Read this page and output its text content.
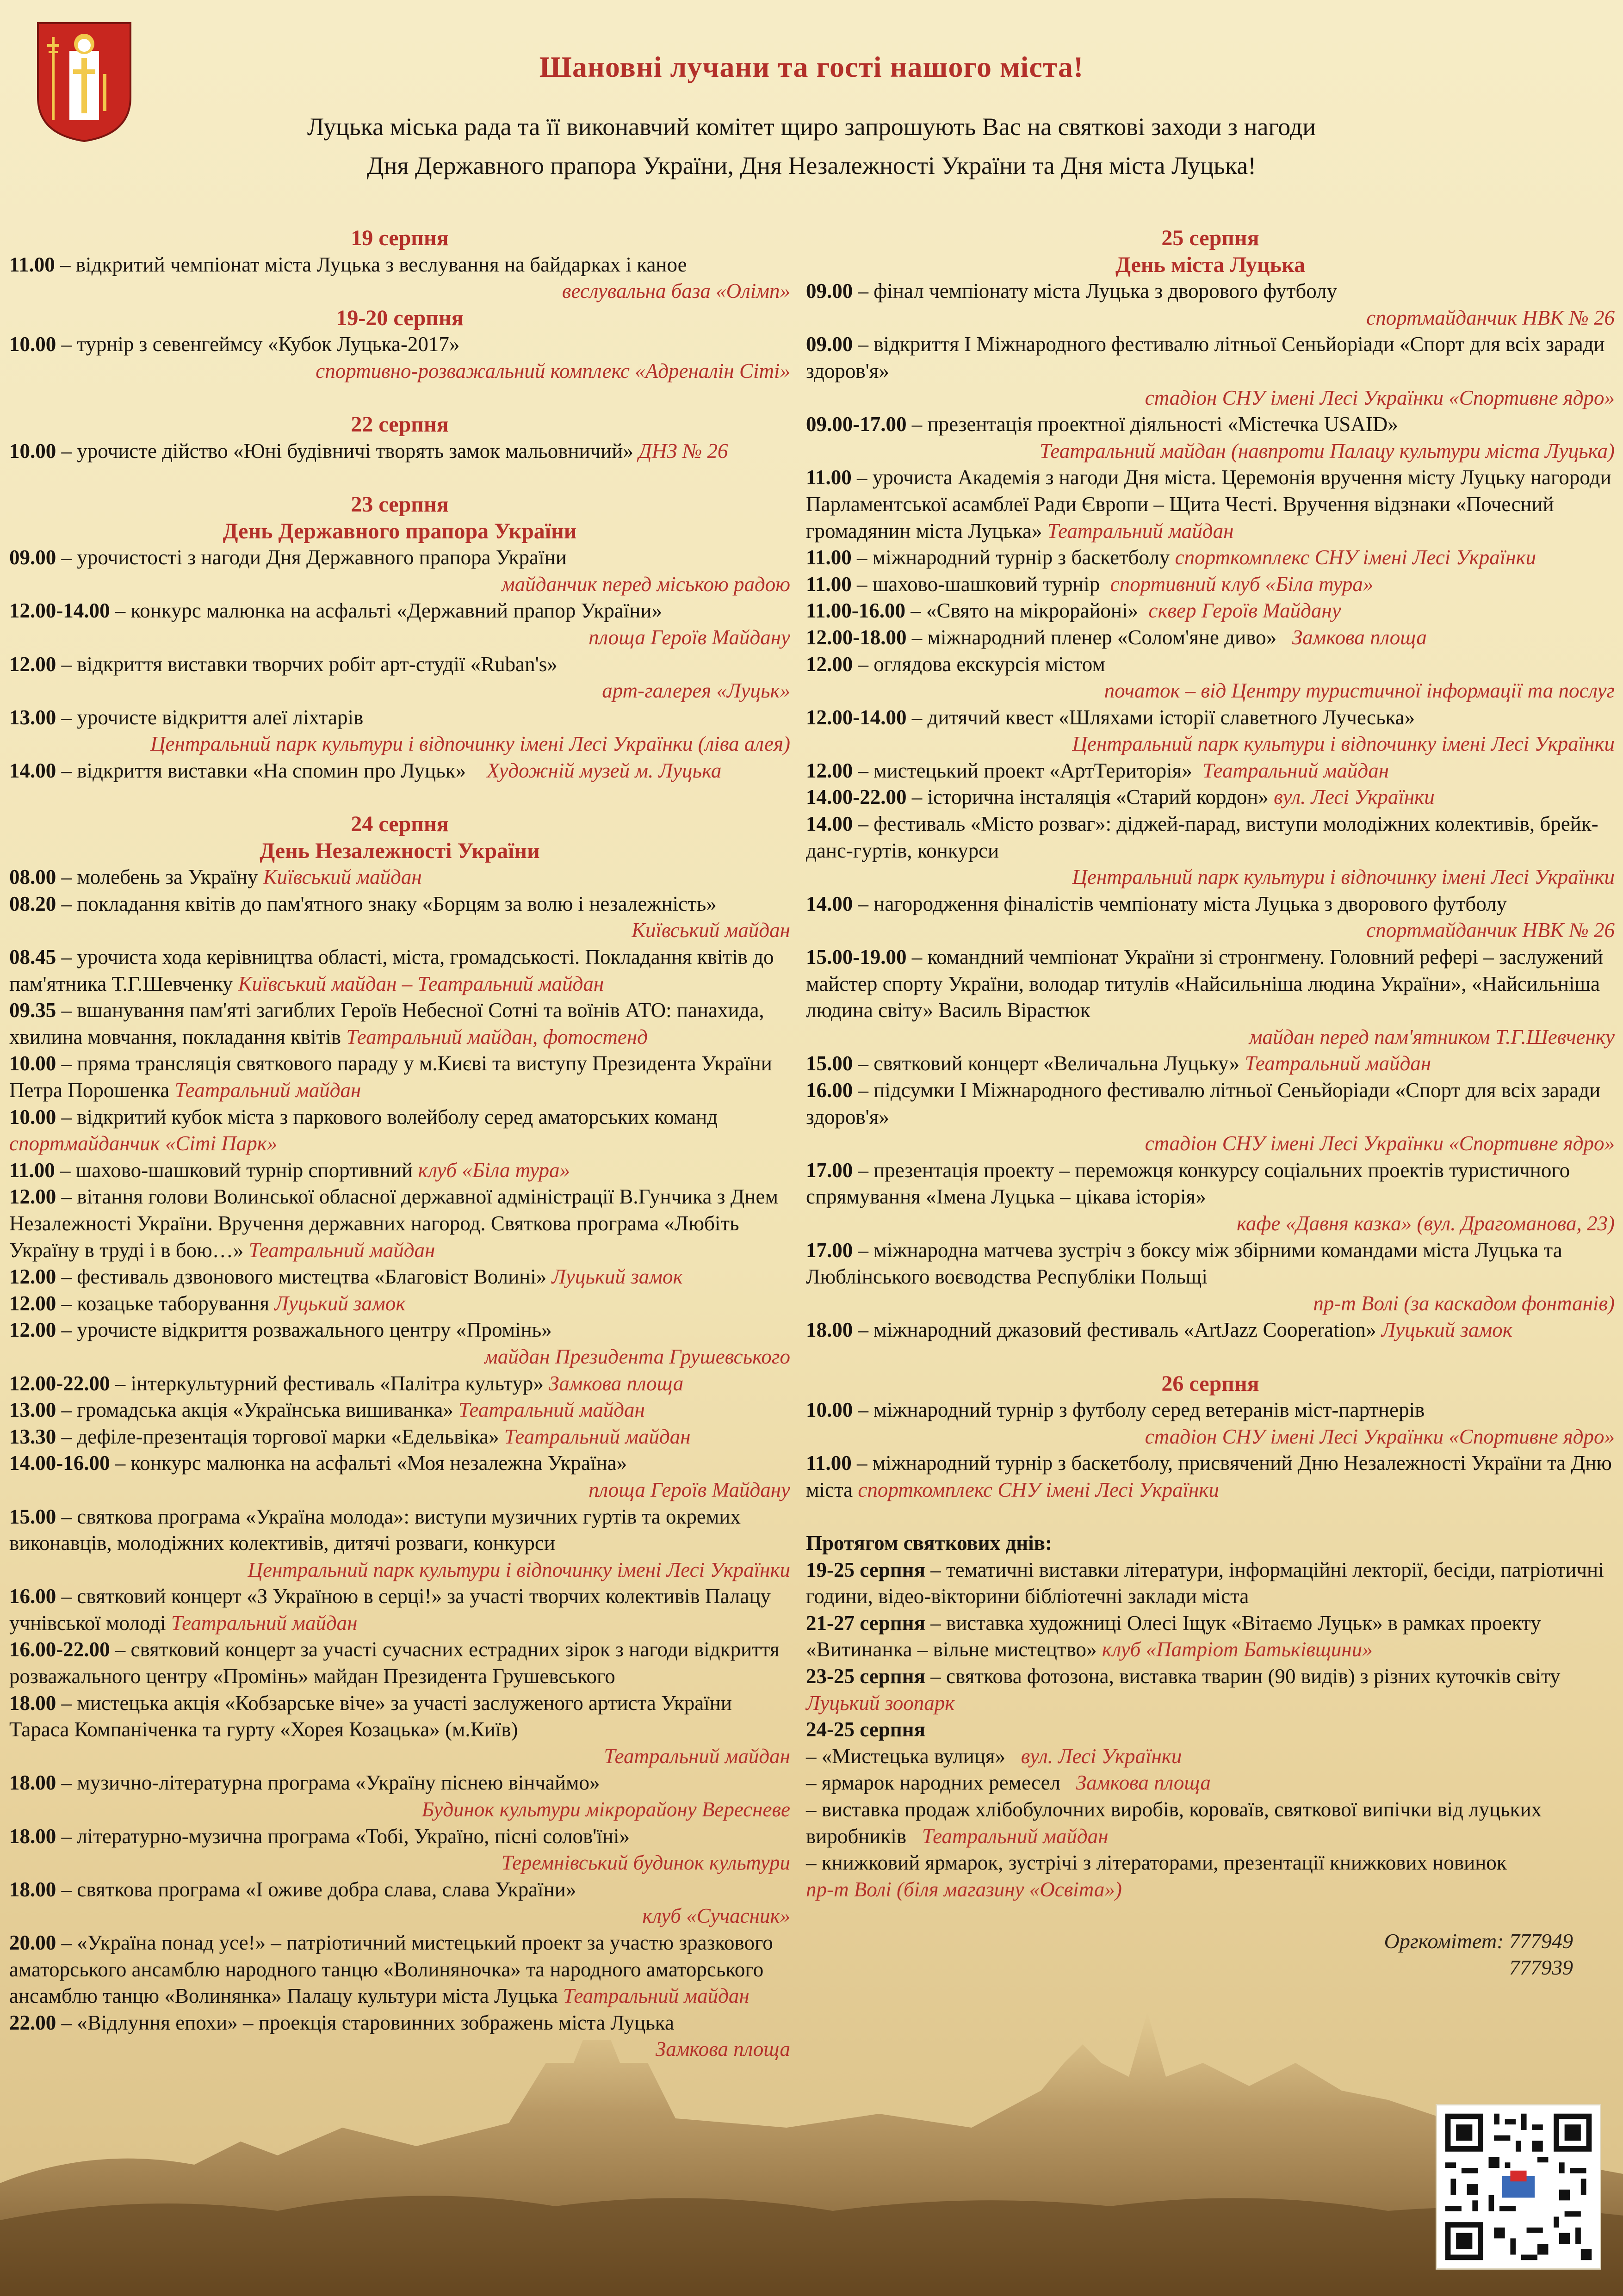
Шановні лучани та гості нашого міста!
Луцька міська рада та її виконавчий комітет щиро запрошують Вас на святкові заходи з нагоди
Дня Державного прапора України, Дня Незалежності України та Дня міста Луцька!
19 серпня
11.00 – відкритий чемпіонат міста Луцька з веслування на байдарках і каное
веслувальна база «Олімп»
19-20 серпня
10.00 – турнір з севенгеймсу «Кубок Луцька-2017»
спортивно-розважальний комплекс «Адреналін Сіті»
22 серпня
10.00 – урочисте дійство «Юні будівничі творять замок мальовничий» ДНЗ № 26
23 серпня
День Державного прапора України
09.00 – урочистості з нагоди Дня Державного прапора України
майданчик перед міською радою
12.00-14.00 – конкурс малюнка на асфальті «Державний прапор України»
площа Героїв Майдану
12.00 – відкриття виставки творчих робіт арт-студії «Ruban's»
арт-галерея «Луцьк»
13.00 – урочисте відкриття алеї ліхтарів
Центральний парк культури і відпочинку імені Лесі Українки (ліва алея)
14.00 – відкриття виставки «На спомин про Луцьк» Художній музей м. Луцька
24 серпня
День Незалежності України
08.00 – молебень за Україну Київський майдан
08.20 – покладання квітів до пам'ятного знаку «Борцям за волю і незалежність»
Київський майдан
08.45 – урочиста хода керівництва області, міста, громадськості. Покладання квітів до пам'ятника Т.Г.Шевченку Київський майдан – Театральний майдан
09.35 – вшанування пам'яті загиблих Героїв Небесної Сотні та воїнів АТО: панахида, хвилина мовчання, покладання квітів Театральний майдан, фотостенд
10.00 – пряма трансляція святкового параду у м.Києві та виступу Президента України Петра Порошенка Театральний майдан
10.00 – відкритий кубок міста з паркового волейболу серед аматорських команд
спортмайданчик «Сіті Парк»
11.00 – шахово-шашковий турнір спортивний клуб «Біла тура»
12.00 – вітання голови Волинської обласної державної адміністрації В.Гунчика з Днем Незалежності України. Вручення державних нагород. Святкова програма «Любіть Україну в труді і в бою…» Театральний майдан
12.00 – фестиваль дзвонового мистецтва «Благовіст Волині» Луцький замок
12.00 – козацьке таборування Луцький замок
12.00 – урочисте відкриття розважального центру «Промінь»
майдан Президента Грушевського
12.00-22.00 – інтеркультурний фестиваль «Палітра культур» Замкова площа
13.00 – громадська акція «Українська вишиванка» Театральний майдан
13.30 – дефіле-презентація торгової марки «Едельвіка» Театральний майдан
14.00-16.00 – конкурс малюнка на асфальті «Моя незалежна Україна»
площа Героїв Майдану
15.00 – святкова програма «Україна молода»: виступи музичних гуртів та окремих виконавців, молодіжних колективів, дитячі розваги, конкурси
Центральний парк культури і відпочинку імені Лесі Українки
16.00 – святковий концерт «З Україною в серці!» за участі творчих колективів Палацу учнівської молоді Театральний майдан
16.00-22.00 – святковий концерт за участі сучасних естрадних зірок з нагоди відкриття розважального центру «Промінь» майдан Президента Грушевського
18.00 – мистецька акція «Кобзарське віче» за участі заслуженого артиста України Тараса Компаніченка та гурту «Хорея Козацька» (м.Київ)
Театральний майдан
18.00 – музично-літературна програма «Україну піснею вінчаймо»
Будинок культури мікрорайону Вересневе
18.00 – літературно-музична програма «Тобі, Україно, пісні солов'їні»
Теремнівський будинок культури
18.00 – святкова програма «І оживе добра слава, слава України»
клуб «Сучасник»
20.00 – «Україна понад усе!» – патріотичний мистецький проект за участю зразкового аматорського ансамблю народного танцю «Волиняночка» та народного аматорського ансамблю танцю «Волинянка» Палацу культури міста Луцька Театральний майдан
22.00 – «Відлуння епохи» – проекція старовинних зображень міста Луцька
Замкова площа
25 серпня
День міста Луцька
09.00 – фінал чемпіонату міста Луцька з дворового футболу
спортмайданчик НВК № 26
09.00 – відкриття І Міжнародного фестивалю літньої Сеньйоріади «Спорт для всіх заради здоров'я»
стадіон СНУ імені Лесі Українки «Спортивне ядро»
09.00-17.00 – презентація проектної діяльності «Містечка USAID»
Театральний майдан (навпроти Палацу культури міста Луцька)
11.00 – урочиста Академія з нагоди Дня міста. Церемонія вручення місту Луцьку нагороди Парламентської асамблеї Ради Європи – Щита Честі. Вручення відзнаки «Почесний громадянин міста Луцька» Театральний майдан
11.00 – міжнародний турнір з баскетболу спорткомплекс СНУ імені Лесі Українки
11.00 – шахово-шашковий турнір спортивний клуб «Біла тура»
11.00-16.00 – «Свято на мікрорайоні» сквер Героїв Майдану
12.00-18.00 – міжнародний пленер «Солом'яне диво» Замкова площа
12.00 – оглядова екскурсія містом
початок – від Центру туристичної інформації та послуг
12.00-14.00 – дитячий квест «Шляхами історії славетного Лучеська»
Центральний парк культури і відпочинку імені Лесі Українки
12.00 – мистецький проект «АртТериторія» Театральний майдан
14.00-22.00 – історична інсталяція «Старий кордон» вул. Лесі Українки
14.00 – фестиваль «Місто розваг»: діджей-парад, виступи молодіжних колективів, брейк-данс-гуртів, конкурси
Центральний парк культури і відпочинку імені Лесі Українки
14.00 – нагородження фіналістів чемпіонату міста Луцька з дворового футболу
спортмайданчик НВК № 26
15.00-19.00 – командний чемпіонат України зі стронгмену. Головний рефері – заслужений майстер спорту України, володар титулів «Найсильніша людина України», «Найсильніша людина світу» Василь Вірастюк
майдан перед пам'ятником Т.Г.Шевченку
15.00 – святковий концерт «Величальна Луцьку» Театральний майдан
16.00 – підсумки І Міжнародного фестивалю літньої Сеньйоріади «Спорт для всіх заради здоров'я»
стадіон СНУ імені Лесі Українки «Спортивне ядро»
17.00 – презентація проекту – переможця конкурсу соціальних проектів туристичного спрямування «Імена Луцька – цікава історія»
кафе «Давня казка» (вул. Драгоманова, 23)
17.00 – міжнародна матчева зустріч з боксу між збірними командами міста Луцька та Люблінського воєводства Республіки Польщі
пр-т Волі (за каскадом фонтанів)
18.00 – міжнародний джазовий фестиваль «ArtJazz Cooperation» Луцький замок
26 серпня
10.00 – міжнародний турнір з футболу серед ветеранів міст-партнерів
стадіон СНУ імені Лесі Українки «Спортивне ядро»
11.00 – міжнародний турнір з баскетболу, присвячений Дню Незалежності України та Дню міста спорткомплекс СНУ імені Лесі Українки
Протягом святкових днів:
19-25 серпня – тематичні виставки літератури, інформаційні лекторії, бесіди, патріотичні години, відео-вікторини бібліотечні заклади міста
21-27 серпня – виставка художниці Олесі Іщук «Вітаємо Луцьк» в рамках проекту «Витинанка – вільне мистецтво» клуб «Патріот Батьківщини»
23-25 серпня – святкова фотозона, виставка тварин (90 видів) з різних куточків світу  Луцький зоопарк
24-25 серпня
– «Мистецька вулиця» вул. Лесі Українки
– ярмарок народних ремесел Замкова площа
– виставка продаж хлібобулочних виробів, короваїв, святкової випічки від луцьких виробників Театральний майдан
– книжковий ярмарок, зустрічі з літераторами, презентації книжкових новинок
пр-т Волі (біля магазину «Освіта»)
Оргкомітет: 777949
777939
